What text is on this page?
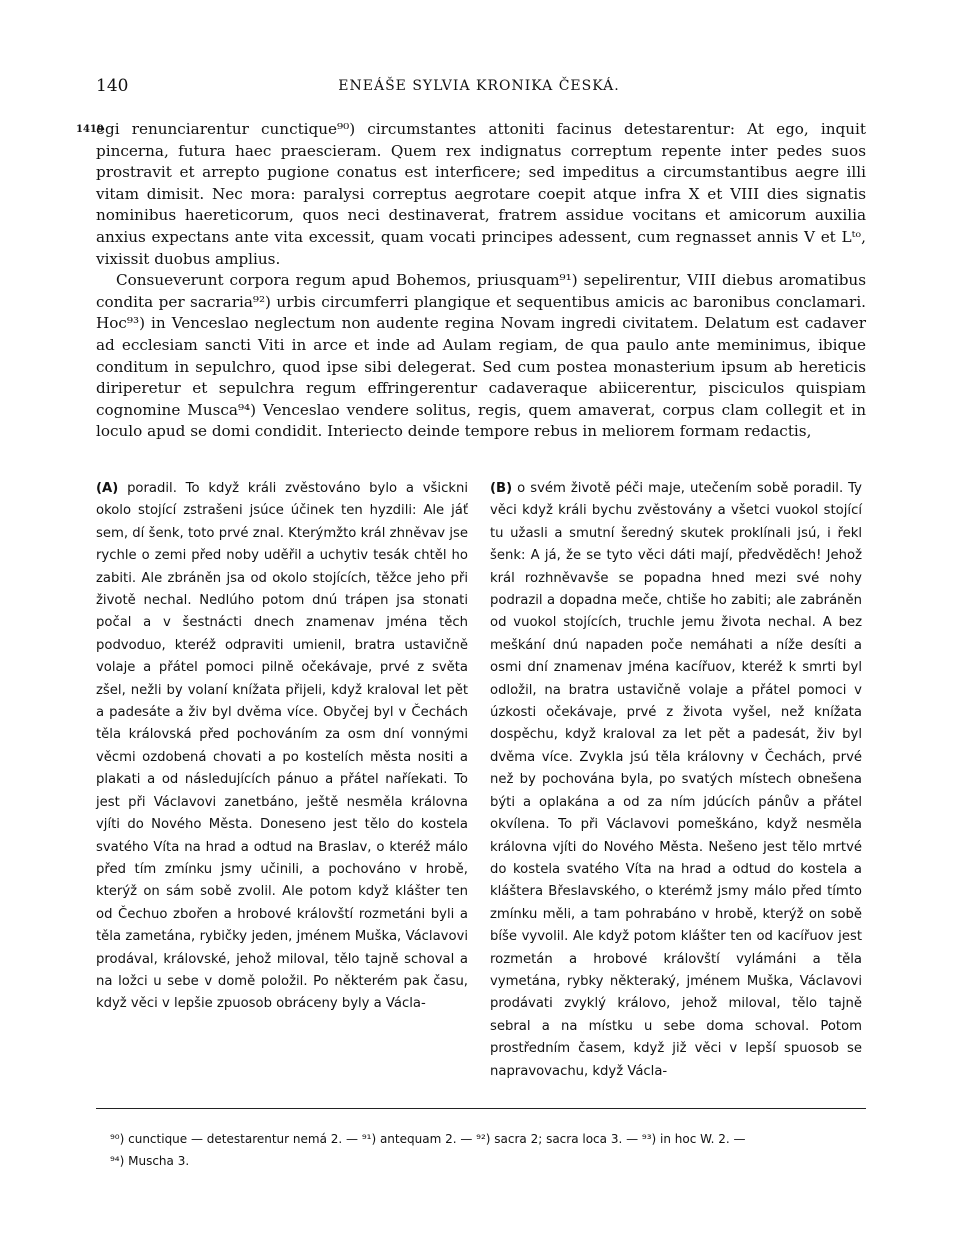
140	ENEÁŠE SYLVIA KRONIKA ČESKÁ.
1419

egi renunciarentur cunctique⁹⁰) circumstantes attoniti facinus detestarentur: At ego, inquit pincerna, futura haec praescieram. Quem rex indignatus correptum repente inter pedes suos prostravit et arrepto pugione conatus est interficere; sed impeditus a circumstantibus aegre illi vitam dimisit. Nec mora: paralysi correptus aegrotare coepit atque infra X et VIII dies signatis nominibus haereticorum, quos neci destinaverat, fratrem assidue vocitans et amicorum auxilia anxius expectans ante vita excessit, quam vocati principes adessent, cum regnasset annis V et Lᵗᵒ, vixissit duobus amplius.

Consueverunt corpora regum apud Bohemos, priusquam⁹¹) sepelirentur, VIII diebus aromatibus condita per sacraria⁹²) urbis circumferri plangique et sequentibus amicis ac baronibus conclamari. Hoc⁹³) in Venceslao neglectum non audente regina Novam ingredi civitatem. Delatum est cadaver ad ecclesiam sancti Viti in arce et inde ad Aulam regiam, de qua paulo ante meminimus, ibique conditum in sepulchro, quod ipse sibi delegerat. Sed cum postea monasterium ipsum ab hereticis diriperetur et sepulchra regum effringerentur cadaveraque abiicerentur, pisciculos quispiam cognomine Musca⁹⁴) Venceslao vendere solitus, regis, quem amaverat, corpus clam collegit et in loculo apud se domi condidit. Interiecto deinde tempore rebus in meliorem formam redactis,

(A) poradil. To když králi zvěstováno bylo a všickni okolo stojící zstrašeni jsúce účinek ten hyzdili: Ale jáť sem, dí šenk, toto prvé znal. Kterýmžto král zhněvav jse rychle o zemi před noby uděřil a uchytiv tesák chtěl ho zabiti. Ale zbráněn jsa od okolo stojících, těžce jeho při životě nechal. Nedlúho potom dnú trápen jsa stonati počal a v šestnácti dnech znamenav jména těch podvoduo, kteréž odpraviti umienil, bratra ustavičně volaje a přátel pomoci pilně očekávaje, prvé z světa zšel, nežli by volaní knížata přijeli, když kraloval let pět a padesáte a živ byl dvěma více. Obyčej byl v Čechách těla královská před pochováním za osm dní vonnými věcmi ozdobená chovati a po kostelích města nositi a plakati a od následujících pánuo a přátel naříekati. To jest při Václavovi zanetbáno, ještě nesměla královna vjíti do Nového Města. Doneseno jest tělo do kostela svatého Víta na hrad a odtud na Braslav, o kteréž málo před tím zmínku jsmy učinili, a pochováno v hrobě, kterýž on sám sobě zvolil. Ale potom když klášter ten od Čechuo zbořen a hrobové královští rozmetáni byli a těla zametána, rybičky jeden, jménem Muška, Václavovi prodával, královské, jehož miloval, tělo tajně schoval a na ložci u sebe v domě položil. Po některém pak času, když věci v lepšie zpuosob obráceny byly a Václa-
(B) o svém životě péči maje, utečením sobě poradil. Ty věci když králi bychu zvěstovány a všetci vuokol stojící tu užasli a smutní šeredný skutek proklínali jsú, i řekl šenk: A já, že se tyto věci dáti mají, předvěděch! Jehož král rozhněvavše se popadna hned mezi své nohy podrazil a dopadna meče, chtiše ho zabiti; ale zabráněn od vuokol stojících, truchle jemu života nechal. A bez meškání dnú napaden poče nemáhati a níže desíti a osmi dní znamenav jména kacířuov, kteréž k smrti byl odložil, na bratra ustavičně volaje a přátel pomoci v úzkosti očekávaje, prvé z života vyšel, než knížata dospěchu, když kraloval za let pět a padesát, živ byl dvěma více. Zvykla jsú těla královny v Čechách, prvé než by pochována byla, po svatých místech obnešena býti a oplakána a od za ním jdúcích pánův a přátel okvílena. To při Václavovi pomeškáno, když nesměla královna vjíti do Nového Města. Nešeno jest tělo mrtvé do kostela svatého Víta na hrad a odtud do kostela a kláštera Břeslavského, o kterémž jsmy málo před tímto zmínku měli, a tam pohrabáno v hrobě, kterýž on sobě bíše vyvolil. Ale když potom klášter ten od kacířuov jest rozmetán a hrobové královští vylámáni a těla vymetána, rybky některaký, jménem Muška, Václavovi prodávati zvyklý královo, jehož miloval, tělo tajně sebral a na místku u sebe doma schoval. Potom prostředním časem, když již věci v lepší spuosob se napravovachu, když Václa-
⁹⁰) cunctique — detestarentur nemá 2. — ⁹¹) antequam 2. — ⁹²) sacra 2; sacra loca 3. — ⁹³) in hoc W. 2. —
⁹⁴) Muscha 3.
